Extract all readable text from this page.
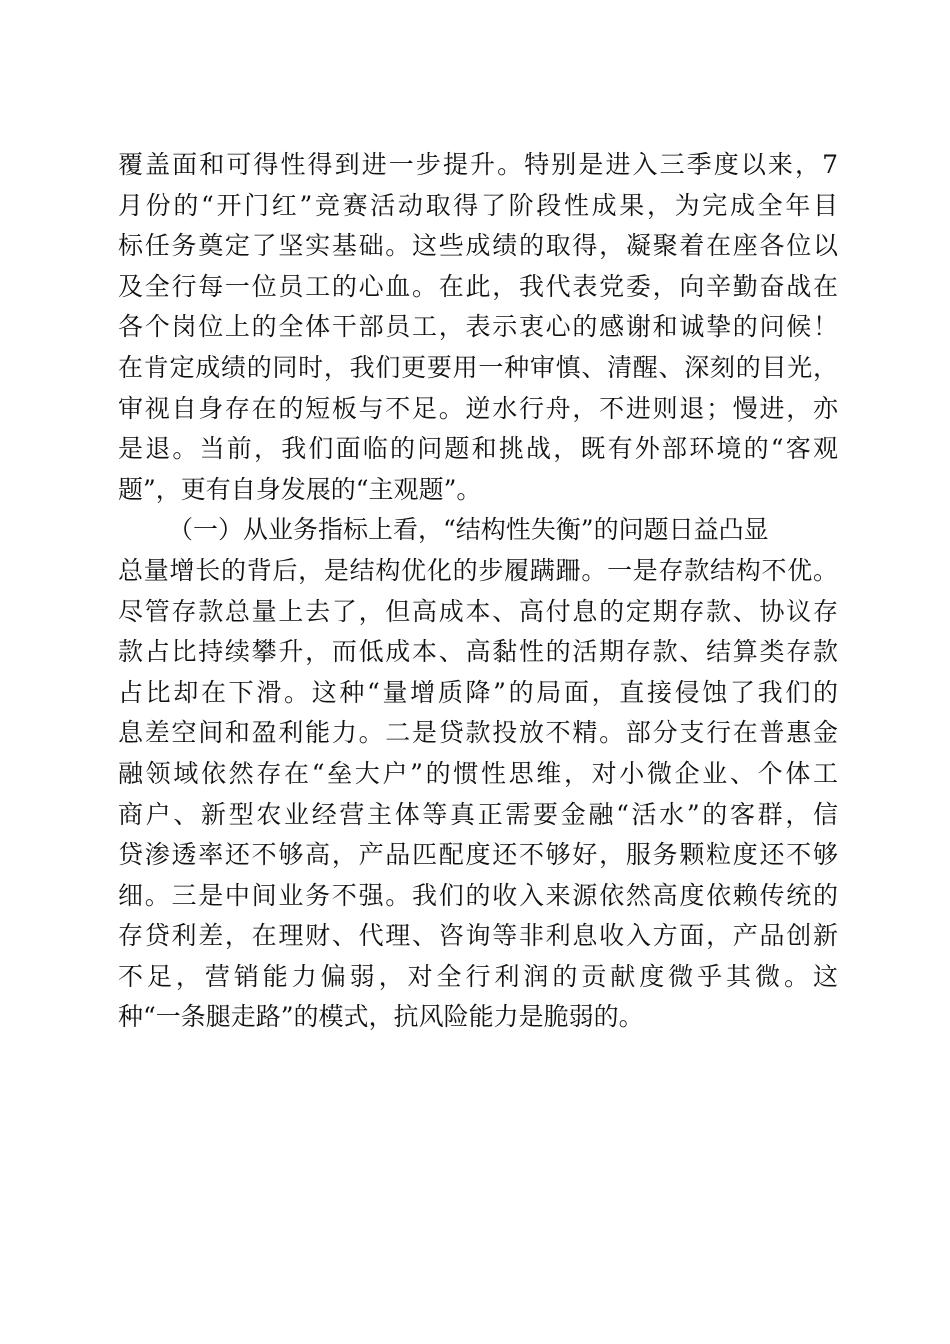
覆盖面和可得性得到进一步提升。特别是进入三季度以来，7
月份的“开门红”竞赛活动取得了阶段性成果，为完成全年目
标任务奠定了坚实基础。这些成绩的取得，凝聚着在座各位以
及全行每一位员工的心血。在此，我代表党委，向辛勤奋战在
各个岗位上的全体干部员工，表示衷心的感谢和诚挚的问候！
在肯定成绩的同时，我们更要用一种审慎、清醒、深刻的目光，
审视自身存在的短板与不足。逆水行舟，不进则退；慢进，亦
是退。当前，我们面临的问题和挑战，既有外部环境的“客观
题”，更有自身发展的“主观题”。
（一）从业务指标上看，“结构性失衡”的问题日益凸显
总量增长的背后，是结构优化的步履蹒跚。一是存款结构不优。
尽管存款总量上去了，但高成本、高付息的定期存款、协议存
款占比持续攀升，而低成本、高黏性的活期存款、结算类存款
占比却在下滑。这种“量增质降”的局面，直接侵蚀了我们的
息差空间和盈利能力。二是贷款投放不精。部分支行在普惠金
融领域依然存在“垒大户”的惯性思维，对小微企业、个体工
商户、新型农业经营主体等真正需要金融“活水”的客群，信
贷渗透率还不够高，产品匹配度还不够好，服务颗粒度还不够
细。三是中间业务不强。我们的收入来源依然高度依赖传统的
存贷利差，在理财、代理、咨询等非利息收入方面，产品创新
不足，营销能力偏弱，对全行利润的贡献度微乎其微。这
种“一条腿走路”的模式，抗风险能力是脆弱的。
